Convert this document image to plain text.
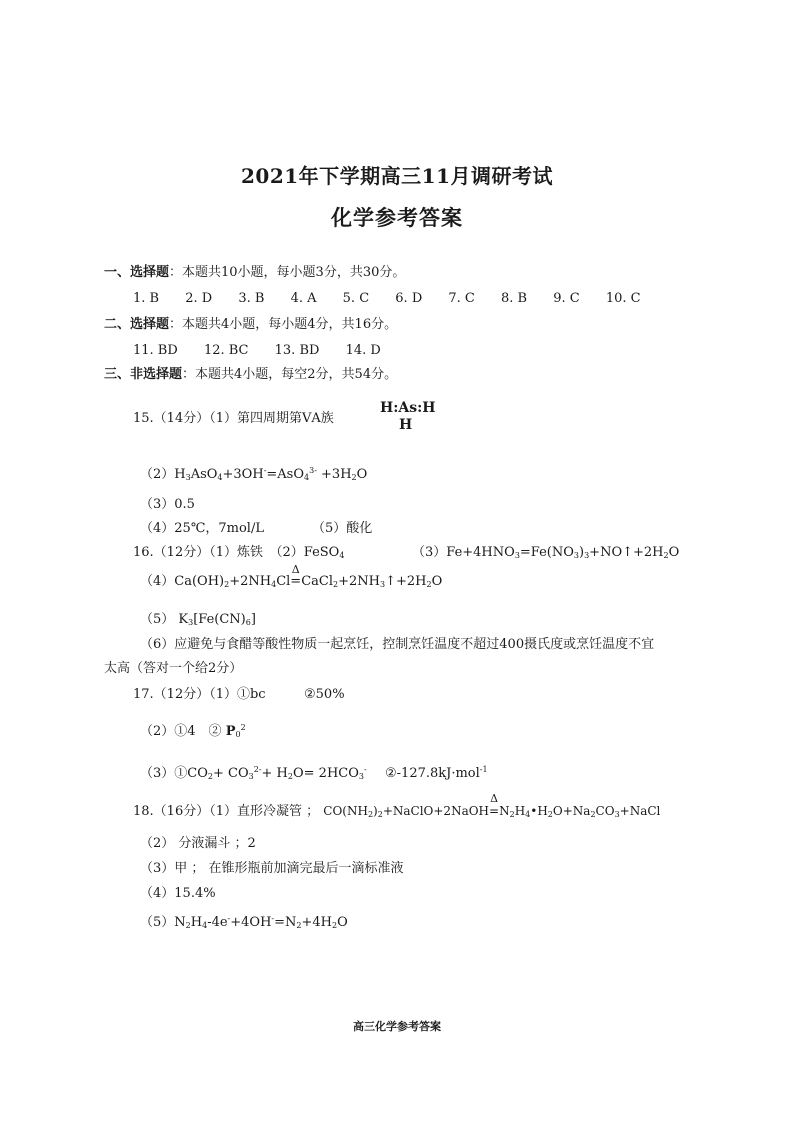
2021年下学期高三11月调研考试
化学参考答案
一、选择题：本题共10小题，每小题3分，共30分。
1. B 2. D 3. B 4. A 5. C 6. D 7. C 8. B 9. C 10. C
二、选择题：本题共4小题，每小题4分，共16分。
11. BD 12. BC 13. BD 14. D
三、非选择题：本题共4小题，每空2分，共54分。
15.（14分）（1）第四周期第ⅤA族
H:As:H
H
$(2)H_3AsO_4+3OH^-=AsO_4^{3-} +3H_2O$
（3）0.5
（4）25℃，7mol/L	（5）酸化
16.（12分）（1）炼铁　（2）FeSO$_4$	$(3)Fe+4HNO_3=Fe(NO_3)_3+NO↑+2H_2O$
$(4)Ca(OH)_2+2NH_4Cl$
Δ
$=CaCl_2+2NH_3↑+2H_2O$
（5） $K_3[Fe(CN)_6]$
（6）应避免与食醋等酸性物质一起烹饪，控制烹饪温度不超过400摄氏度或烹饪温度不宜
太高（答对一个给2分）
17.（12分）（1）①bc	②50%
（2）①4　② $P_0^2$
$(3)①CO_2+ CO_3^{2-}+ H_2O= 2HCO_3^-$ ②-127.8kJ·mol$^{-1}$
18.（16分）（1）直形冷凝管 ； $CO(NH_2)_2+NaClO+2NaOH$
Δ
$=N_2H_4•H_2O+Na_2CO_3+NaCl$
（2） 分液漏斗 ；2
（3）甲 ； 在锥形瓶前加滴完最后一滴标准液
（4）15.4%
$(5)N_2H_4-4e^-+4OH^-=N_2+4H_2O$
高三化学参考答案
